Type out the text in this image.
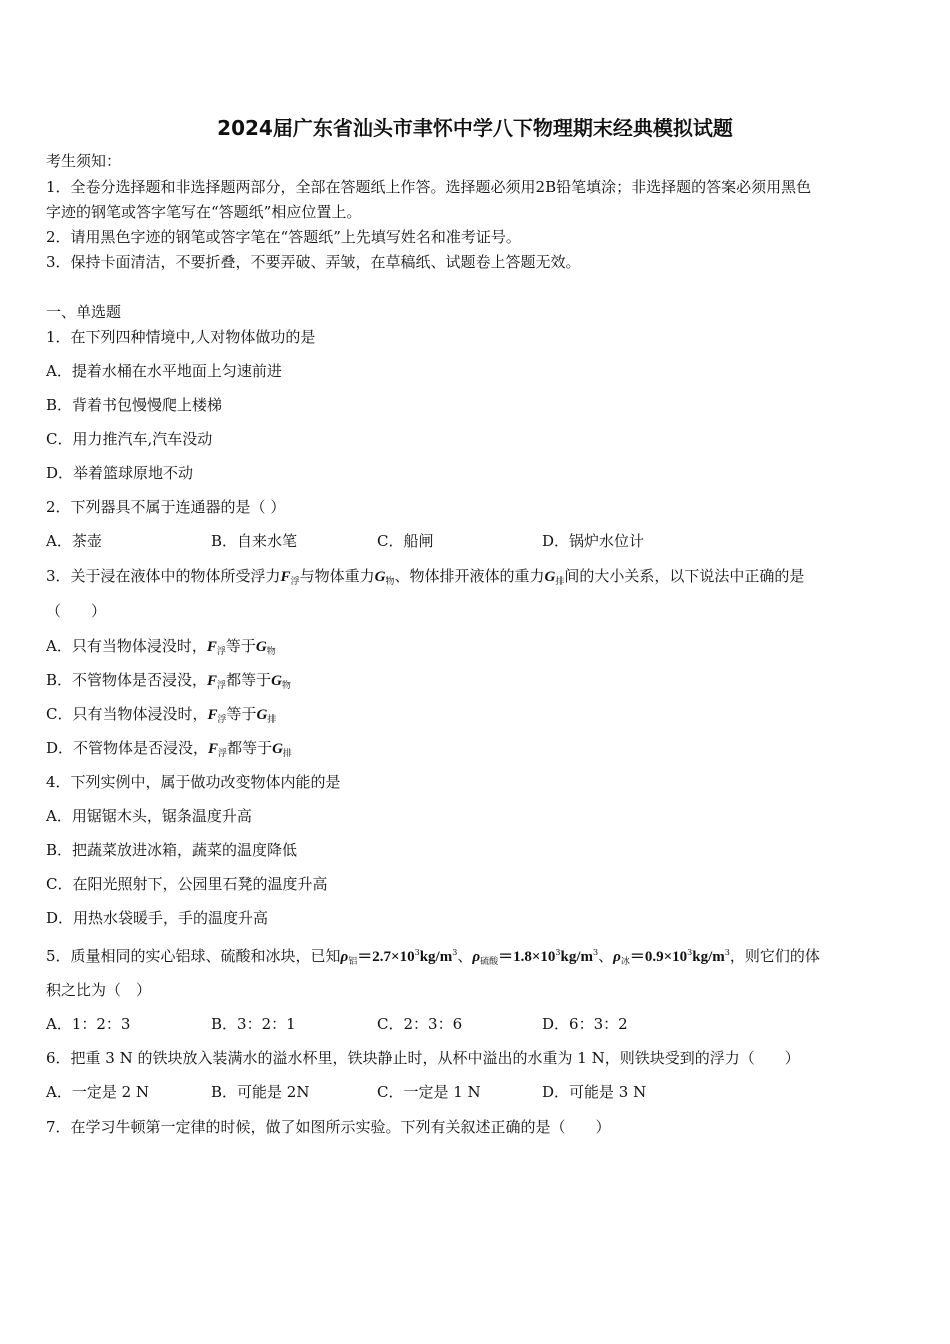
2024届广东省汕头市聿怀中学八下物理期末经典模拟试题
考生须知：
1．全卷分选择题和非选择题两部分，全部在答题纸上作答。选择题必须用2B铅笔填涂；非选择题的答案必须用黑色
字迹的钢笔或答字笔写在“答题纸”相应位置上。
2．请用黑色字迹的钢笔或答字笔在“答题纸”上先填写姓名和准考证号。
3．保持卡面清洁，不要折叠，不要弄破、弄皱，在草稿纸、试题卷上答题无效。
一、单选题
1．在下列四种情境中,人对物体做功的是
A．提着水桶在水平地面上匀速前进
B．背着书包慢慢爬上楼梯
C．用力推汽车,汽车没动
D．举着篮球原地不动
2．下列器具不属于连通器的是（ ）
A．茶壶	B．自来水笔	C．船闸	D．锅炉水位计
3．关于浸在液体中的物体所受浮力$F_浮$与物体重力$G_物$、物体排开液体的重力$G_排$间的大小关系，以下说法中正确的是
（　　）
A．只有当物体浸没时，$F_浮$等于$G_物$
B．不管物体是否浸没，$F_浮$都等于$G_物$
C．只有当物体浸没时，$F_浮$等于$G_排$
D．不管物体是否浸没，$F_浮$都等于$G_排$
4．下列实例中，属于做功改变物体内能的是
A．用锯锯木头，锯条温度升高
B．把蔬菜放进冰箱，蔬菜的温度降低
C．在阳光照射下，公园里石凳的温度升高
D．用热水袋暖手，手的温度升高
5．质量相同的实心铝球、硫酸和冰块，已知$\rho_铝=2.7\times 10^3kg/m^3$、$\rho_{硫酸}=1.8\times 10^3kg/m^3$、$\rho_冰=0.9\times 10^3kg/m^3$，则它们的体
积之比为（　）
A．1：2：3	B．3：2：1	C．2：3：6	D．6：3：2
6．把重 3 N 的铁块放入装满水的溢水杯里，铁块静止时，从杯中溢出的水重为 1 N，则铁块受到的浮力（　　）
A．一定是 2 N	B．可能是 2N	C．一定是 1 N	D．可能是 3 N
7．在学习牛顿第一定律的时候，做了如图所示实验。下列有关叙述正确的是（　　）
